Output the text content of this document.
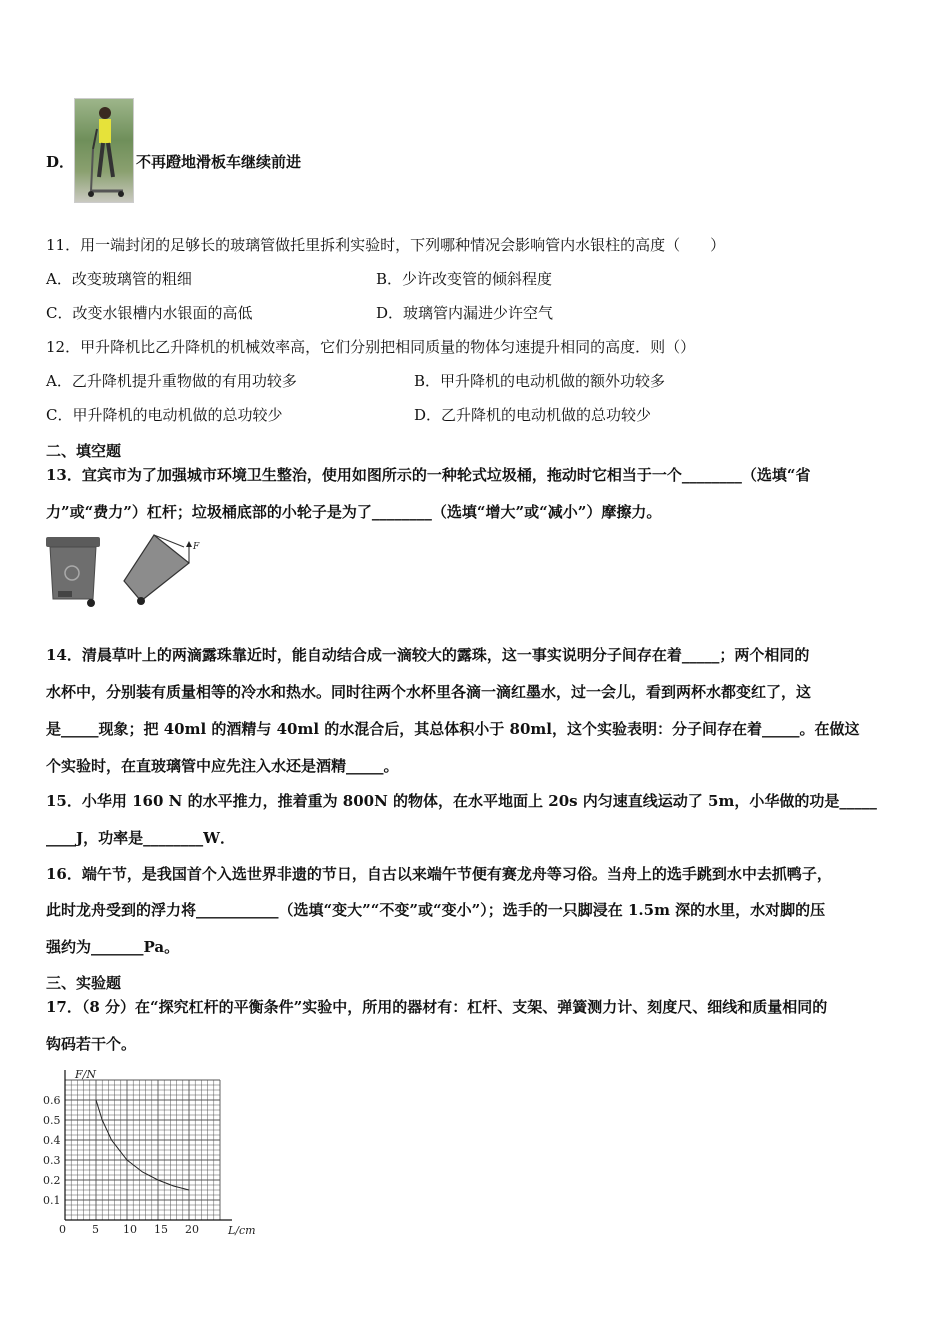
D．	不再蹬地滑板车继续前进
11．用一端封闭的足够长的玻璃管做托里拆利实验时，下列哪种情况会影响管内水银柱的高度（　　）
A．改变玻璃管的粗细	B．少许改变管的倾斜程度
C．改变水银槽内水银面的高低	D．玻璃管内漏进少许空气
12．甲升降机比乙升降机的机械效率高，它们分别把相同质量的物体匀速提升相同的高度．则（）
A．乙升降机提升重物做的有用功较多	B．甲升降机的电动机做的额外功较多
C．甲升降机的电动机做的总功较少	D．乙升降机的电动机做的总功较少
二、填空题
13．宜宾市为了加强城市环境卫生整治，使用如图所示的一种轮式垃圾桶，拖动时它相当于一个________（选填“省
力”或“费力”）杠杆；垃圾桶底部的小轮子是为了________（选填“增大”或“减小”）摩擦力。
F
14．清晨草叶上的两滴露珠靠近时，能自动结合成一滴较大的露珠，这一事实说明分子间存在着_____；两个相同的
水杯中，分别装有质量相等的冷水和热水。同时往两个水杯里各滴一滴红墨水，过一会儿，看到两杯水都变红了，这
是_____现象；把 40ml 的酒精与 40ml 的水混合后，其总体积小于 80ml，这个实验表明：分子间存在着_____。在做这
个实验时，在直玻璃管中应先注入水还是酒精_____。
15．小华用 160 N 的水平推力，推着重为 800N 的物体，在水平地面上 20s 内匀速直线运动了 5m，小华做的功是_____
____J，功率是________W．
16．端午节，是我国首个入选世界非遗的节日，自古以来端午节便有赛龙舟等习俗。当舟上的选手跳到水中去抓鸭子，
此时龙舟受到的浮力将___________（选填“变大”“不变”或“变小”）；选手的一只脚浸在 1.5m 深的水里，水对脚的压
强约为_______Pa。
三、实验题
17．（8 分）在“探究杠杆的平衡条件”实验中，所用的器材有：杠杆、支架、弹簧测力计、刻度尺、细线和质量相同的
钩码若干个。
5 10 15 20
0.6
0.5
0.4
0.3
0.2
0.1
F/N
L/cm
0
